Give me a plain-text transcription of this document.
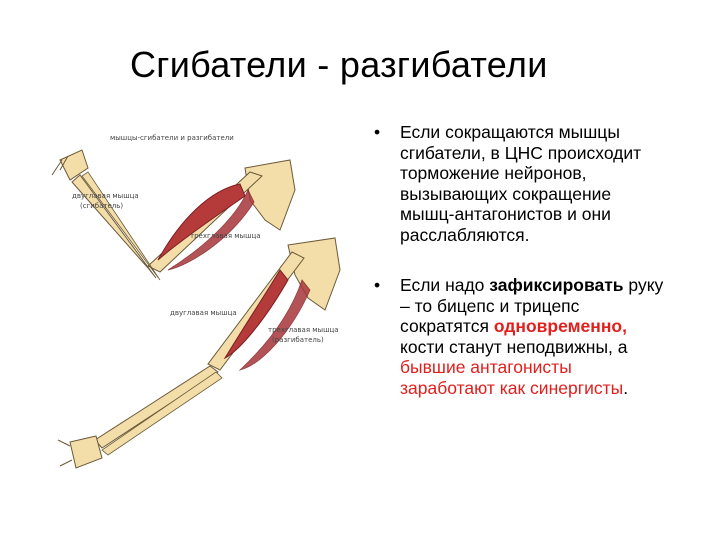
Сгибатели - разгибатели
мышцы-сгибатели и разгибатели
двуглавая мышца
(сгибатель)
трехглавая мышца
двуглавая мышца
трехглавая мышца
(разгибатель)
• Если сокращаются мышцы сгибатели, в ЦНС происходит торможение нейронов, вызывающих сокращение мышц-антагонистов и они расслабляются.
• Если надо зафиксировать руку – то бицепс и трицепс сократятся одновременно, кости станут неподвижны, а бывшие антагонисты заработают как синергисты.
